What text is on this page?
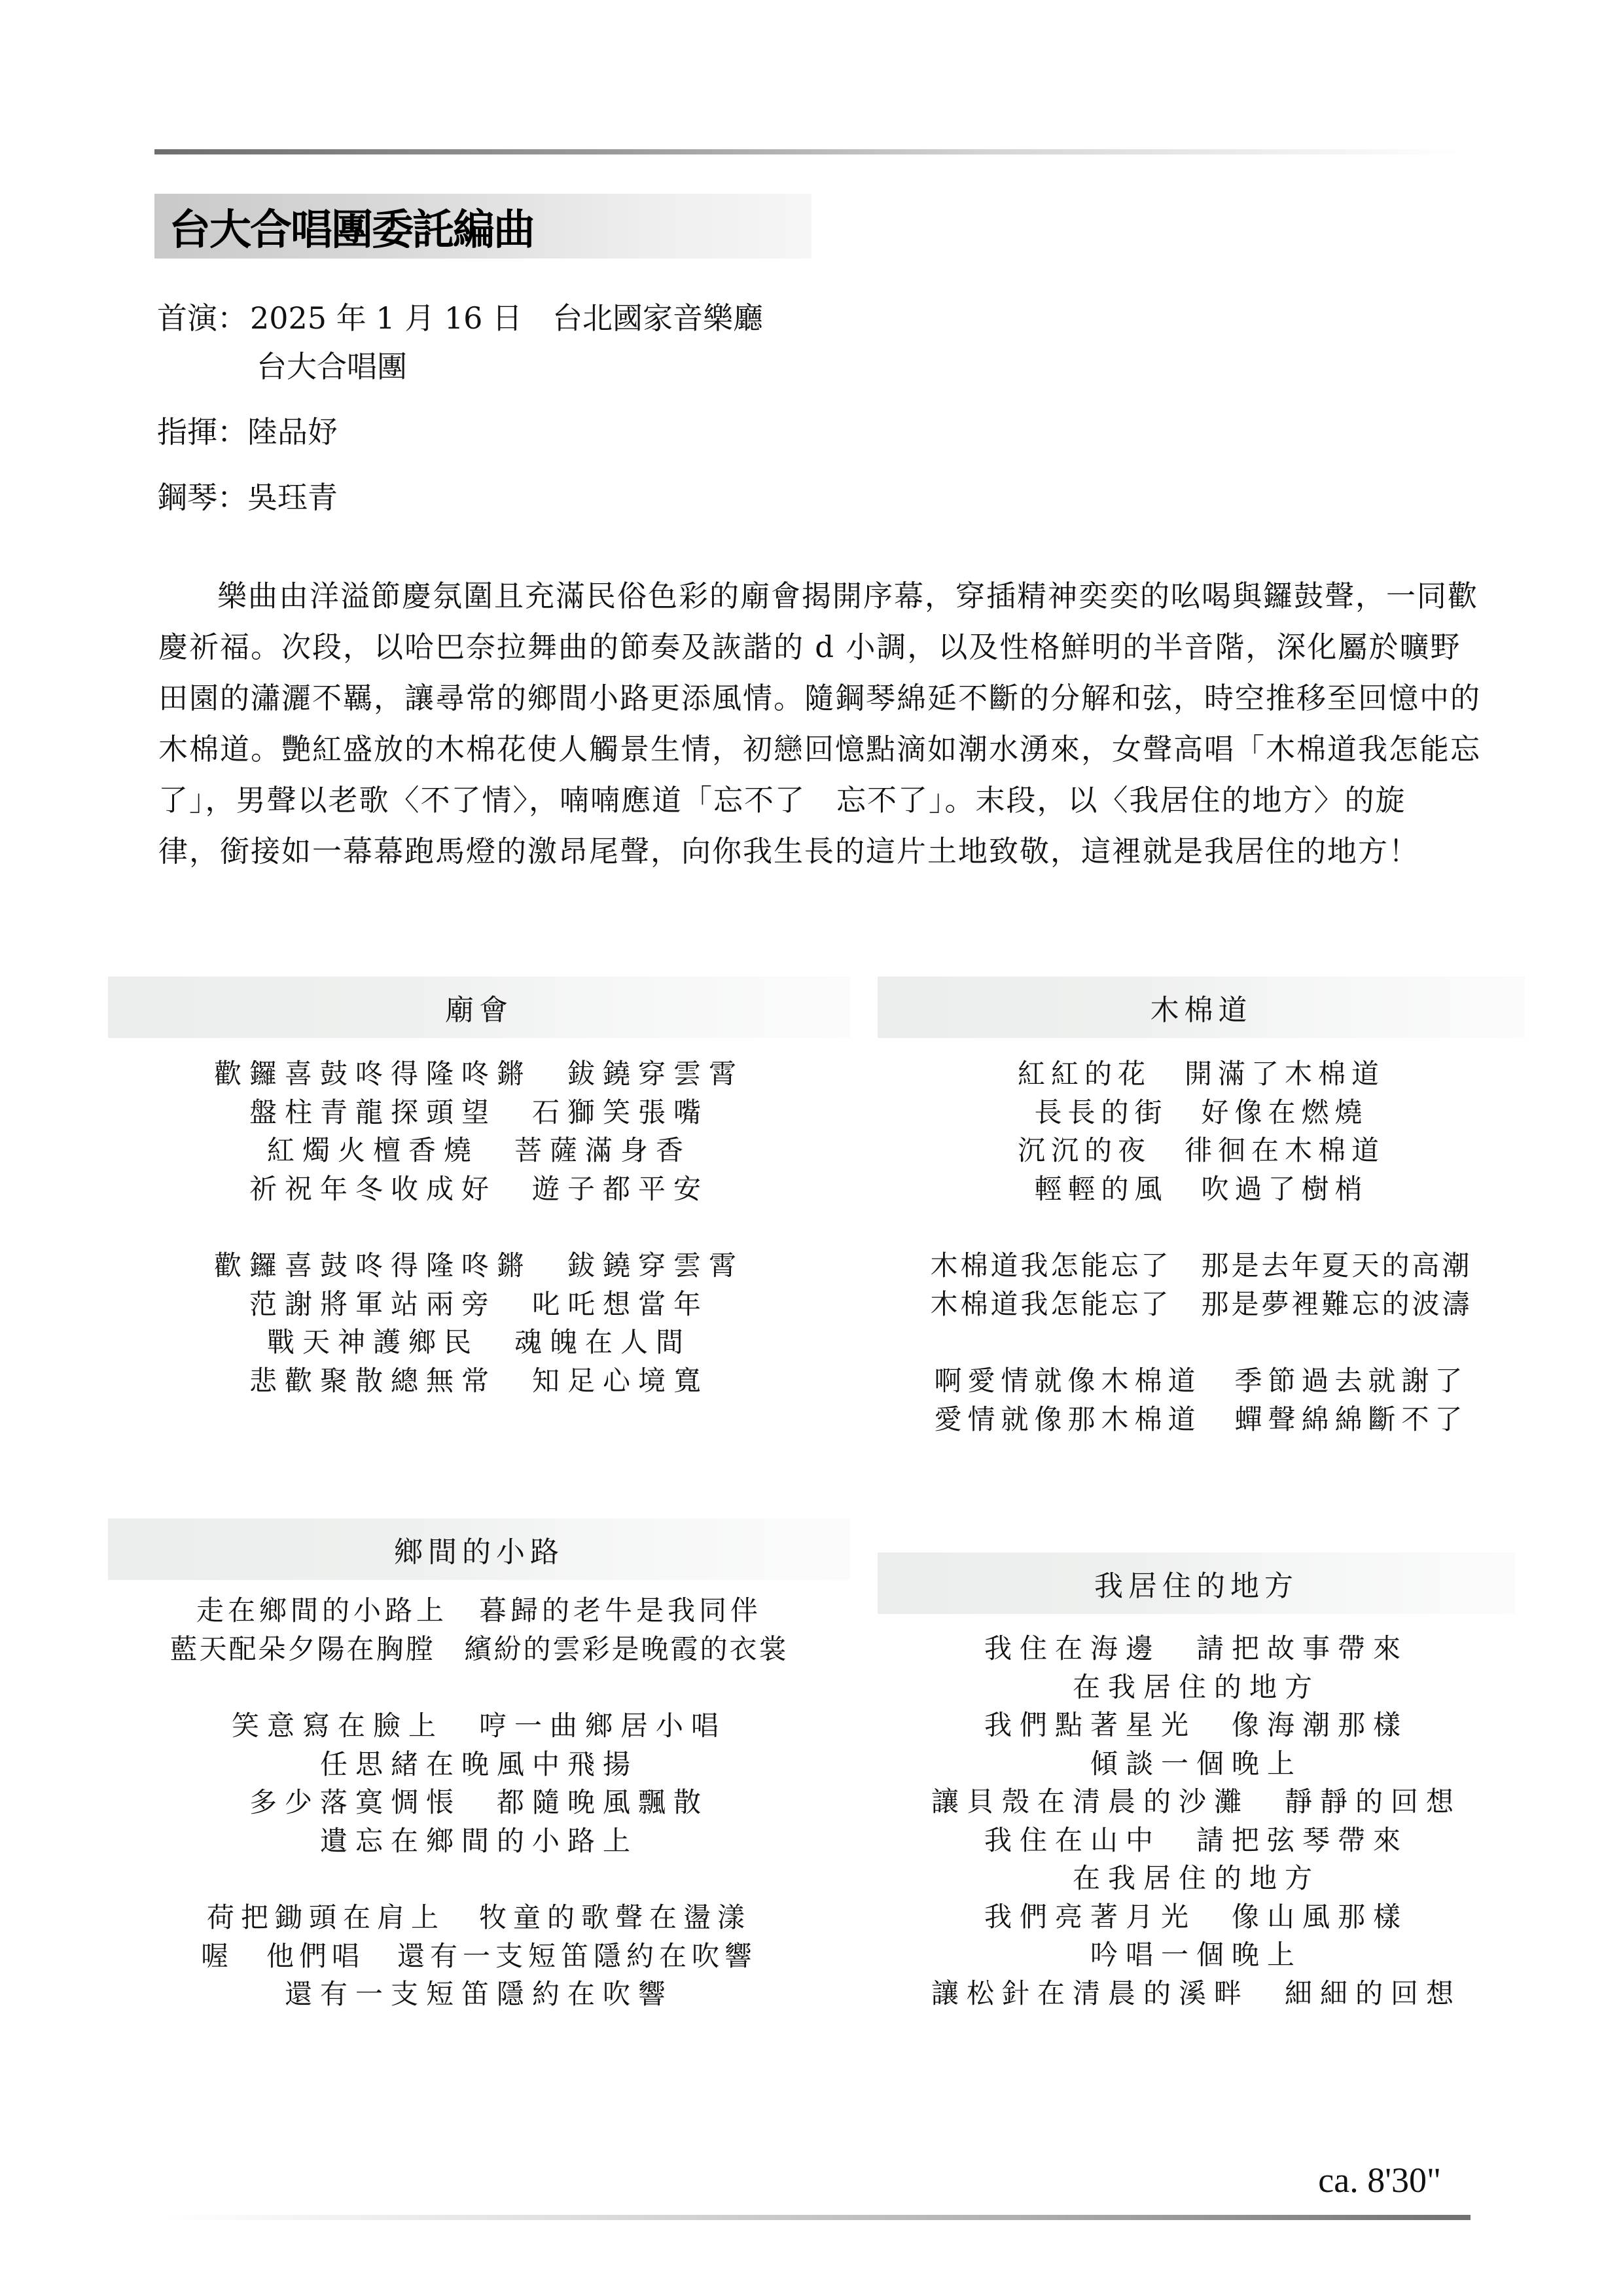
台大合唱團委託編曲
首演：2025 年 1 月 16 日　台北國家音樂廳
台大合唱團
指揮：陸品妤
鋼琴：吳珏青
樂曲由洋溢節慶氛圍且充滿民俗色彩的廟會揭開序幕，穿插精神奕奕的吆喝與鑼鼓聲，一同歡
慶祈福。次段，以哈巴奈拉舞曲的節奏及詼諧的 d 小調，以及性格鮮明的半音階，深化屬於曠野
田園的瀟灑不羈，讓尋常的鄉間小路更添風情。隨鋼琴綿延不斷的分解和弦，時空推移至回憶中的
木棉道。艷紅盛放的木棉花使人觸景生情，初戀回憶點滴如潮水湧來，女聲高唱「木棉道我怎能忘
了」，男聲以老歌〈不了情〉，喃喃應道「忘不了　忘不了」。末段，以〈我居住的地方〉的旋
律，銜接如一幕幕跑馬燈的激昂尾聲，向你我生長的這片土地致敬，這裡就是我居住的地方！
廟會
歡鑼喜鼓咚得隆咚鏘　鈸鐃穿雲霄
盤柱青龍探頭望　石獅笑張嘴
紅燭火檀香燒　菩薩滿身香
祈祝年冬收成好　遊子都平安
歡鑼喜鼓咚得隆咚鏘　鈸鐃穿雲霄
范謝將軍站兩旁　叱吒想當年
戰天神護鄉民　魂魄在人間
悲歡聚散總無常　知足心境寬
木棉道
紅紅的花　開滿了木棉道
長長的街　好像在燃燒
沉沉的夜　徘徊在木棉道
輕輕的風　吹過了樹梢
木棉道我怎能忘了　那是去年夏天的高潮
木棉道我怎能忘了　那是夢裡難忘的波濤
啊愛情就像木棉道　季節過去就謝了
愛情就像那木棉道　蟬聲綿綿斷不了
鄉間的小路
走在鄉間的小路上　暮歸的老牛是我同伴
藍天配朵夕陽在胸膛　繽紛的雲彩是晚霞的衣裳
笑意寫在臉上　哼一曲鄉居小唱
任思緒在晚風中飛揚
多少落寞惆悵　都隨晚風飄散
遺忘在鄉間的小路上
荷把鋤頭在肩上　牧童的歌聲在盪漾
喔　他們唱　還有一支短笛隱約在吹響
還有一支短笛隱約在吹響
我居住的地方
我住在海邊　請把故事帶來
在我居住的地方
我們點著星光　像海潮那樣
傾談一個晚上
讓貝殼在清晨的沙灘　靜靜的回想
我住在山中　請把弦琴帶來
在我居住的地方
我們亮著月光　像山風那樣
吟唱一個晚上
讓松針在清晨的溪畔　細細的回想
ca. 8'30"
